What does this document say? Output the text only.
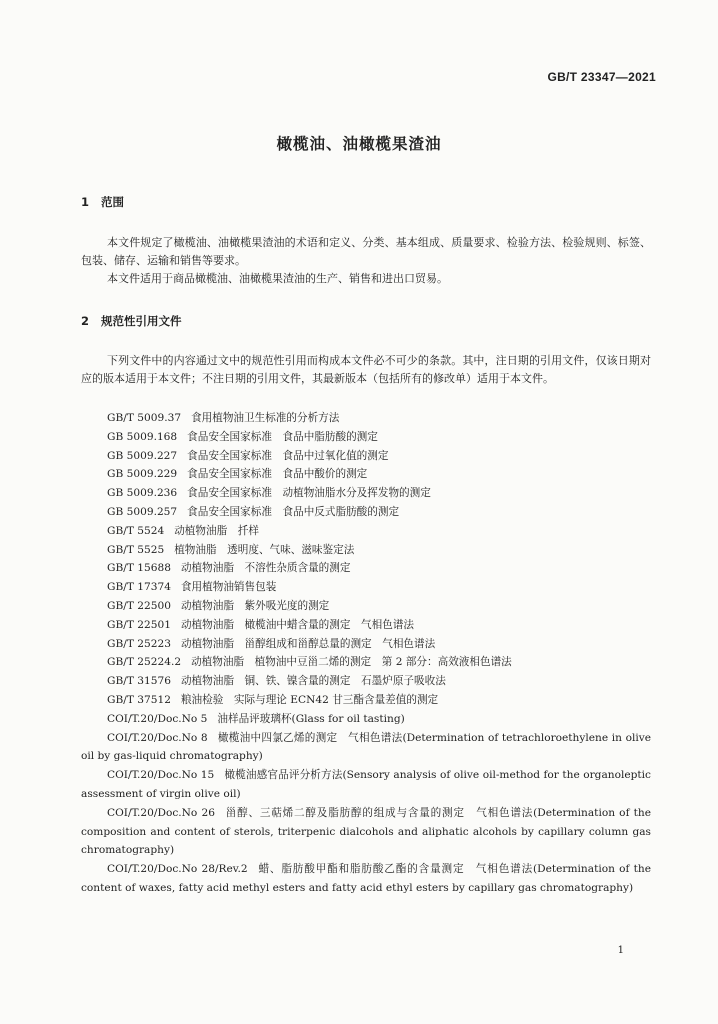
GB/T 23347—2021
橄榄油、油橄榄果渣油
1 范围
本文件规定了橄榄油、油橄榄果渣油的术语和定义、分类、基本组成、质量要求、检验方法、检验规则、标签、包装、储存、运输和销售等要求。
本文件适用于商品橄榄油、油橄榄果渣油的生产、销售和进出口贸易。
2 规范性引用文件
下列文件中的内容通过文中的规范性引用而构成本文件必不可少的条款。其中，注日期的引用文件，仅该日期对应的版本适用于本文件；不注日期的引用文件，其最新版本（包括所有的修改单）适用于本文件。
GB/T 5009.37 食用植物油卫生标准的分析方法
GB 5009.168 食品安全国家标准　食品中脂肪酸的测定
GB 5009.227 食品安全国家标准　食品中过氧化值的测定
GB 5009.229 食品安全国家标准　食品中酸价的测定
GB 5009.236 食品安全国家标准　动植物油脂水分及挥发物的测定
GB 5009.257 食品安全国家标准　食品中反式脂肪酸的测定
GB/T 5524 动植物油脂　扦样
GB/T 5525 植物油脂　透明度、气味、滋味鉴定法
GB/T 15688 动植物油脂　不溶性杂质含量的测定
GB/T 17374 食用植物油销售包装
GB/T 22500 动植物油脂　紫外吸光度的测定
GB/T 22501 动植物油脂　橄榄油中蜡含量的测定　气相色谱法
GB/T 25223 动植物油脂　甾醇组成和甾醇总量的测定　气相色谱法
GB/T 25224.2 动植物油脂　植物油中豆甾二烯的测定　第 2 部分：高效液相色谱法
GB/T 31576 动植物油脂　铜、铁、镍含量的测定　石墨炉原子吸收法
GB/T 37512 粮油检验　实际与理论 ECN42 甘三酯含量差值的测定
COI/T.20/Doc.No 5 油样品评玻璃杯(Glass for oil tasting)
COI/T.20/Doc.No 8 橄榄油中四氯乙烯的测定　气相色谱法(Determination of tetrachloroethylene in olive oil by gas-liquid chromatography)
COI/T.20/Doc.No 15 橄榄油感官品评分析方法(Sensory analysis of olive oil-method for the organoleptic assessment of virgin olive oil)
COI/T.20/Doc.No 26 甾醇、三萜烯二醇及脂肪醇的组成与含量的测定　气相色谱法(Determination of the composition and content of sterols, triterpenic dialcohols and aliphatic alcohols by capillary column gas chromatography)
COI/T.20/Doc.No 28/Rev.2 蜡、脂肪酸甲酯和脂肪酸乙酯的含量测定　气相色谱法(Determination of the content of waxes, fatty acid methyl esters and fatty acid ethyl esters by capillary gas chromatography)
1
